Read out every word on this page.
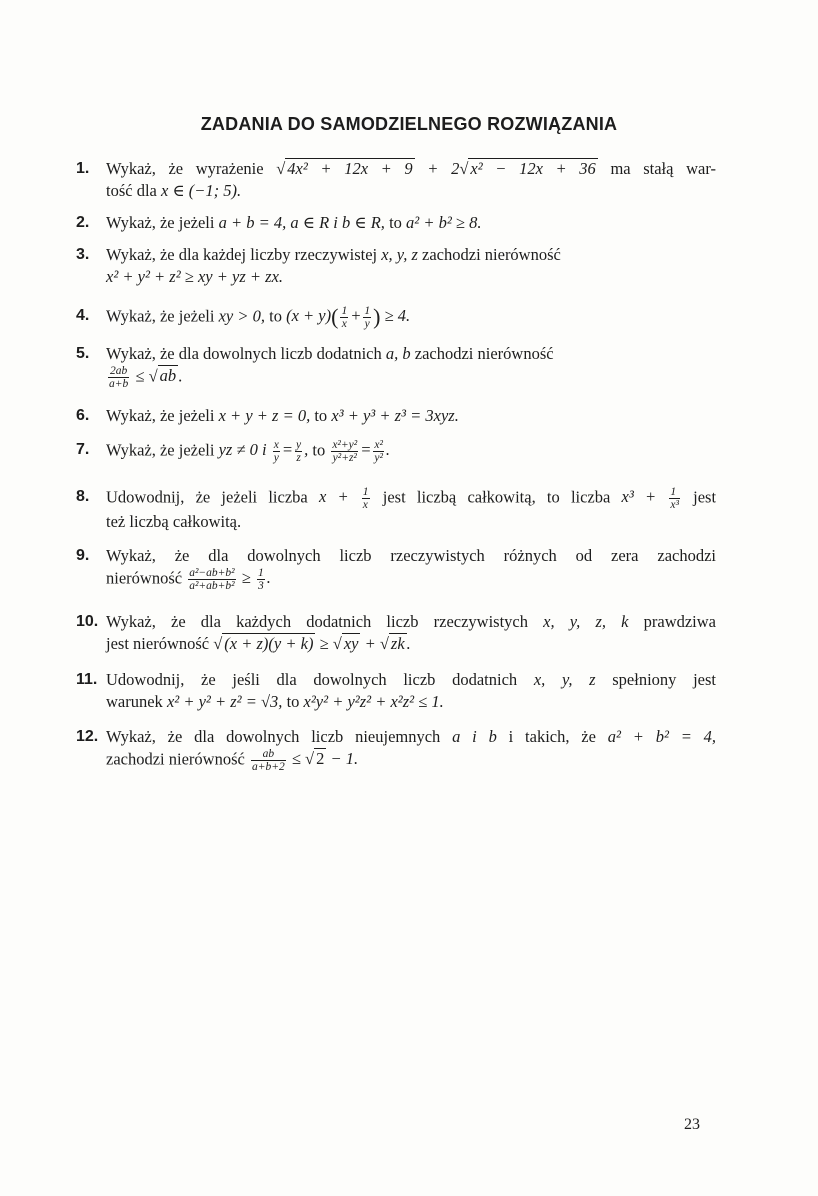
ZADANIA DO SAMODZIELNEGO ROZWIĄZANIA
1.	Wykaż, że wyrażenie √ 4x² + 12x + 9 + 2√ x² − 12x + 36 ma stałą war-
tość dla x ∈ (−1; 5).
2.	Wykaż, że jeżeli a + b = 4, a ∈ R i b ∈ R, to a² + b² ≥ 8.
3.	Wykaż, że dla każdej liczby rzeczywistej x, y, z zachodzi nierówność
x² + y² + z² ≥ xy + yz + zx.
4.	Wykaż, że jeżeli xy > 0, to $(x + y)( \frac{1}{x} + \frac{1}{y}$ ) ≥ 4.
5.	Wykaż, że dla dowolnych liczb dodatnich a, b zachodzi nierówność
$\frac{2ab}{a+b}$ ≤ √ ab .
6.	Wykaż, że jeżeli x + y + z = 0, to x³ + y³ + z³ = 3xyz.
7.	Wykaż, że jeżeli yz ≠ 0 i $\frac{x}{y} = \frac{y}{z}$ , to $\frac{\text{x²+y²}}{\text{y²+z²}} = \frac{\text{x²}}{\text{y²}}$ .
8.	Udowodnij, że jeżeli liczba $x + \frac{1}{x}$ jest liczbą całkowitą, to liczba $x^3 + \frac{1}{\text{x³}}$ jest
też liczbą całkowitą.
9.	Wykaż, że dla dowolnych liczb rzeczywistych różnych od zera zachodzi
nierówność $\frac{\text{a²−ab+b²}}{\text{a²+ab+b²}} \ge \frac{1}{3}$ .
10. Wykaż, że dla każdych dodatnich liczb rzeczywistych x, y, z, k prawdziwa
jest nierówność √ (x + z)(y + k) ≥ √ xy + √ zk .
11. Udowodnij, że jeśli dla dowolnych liczb dodatnich x, y, z spełniony jest
warunek x² + y² + z² = √3, to x²y² + y²z² + x²z² ≤ 1.
12. Wykaż, że dla dowolnych liczb nieujemnych a i b i takich, że a² + b² = 4,
zachodzi nierówność $\frac{ab}{a+b+2}$ ≤ √ 2 − 1.
23
